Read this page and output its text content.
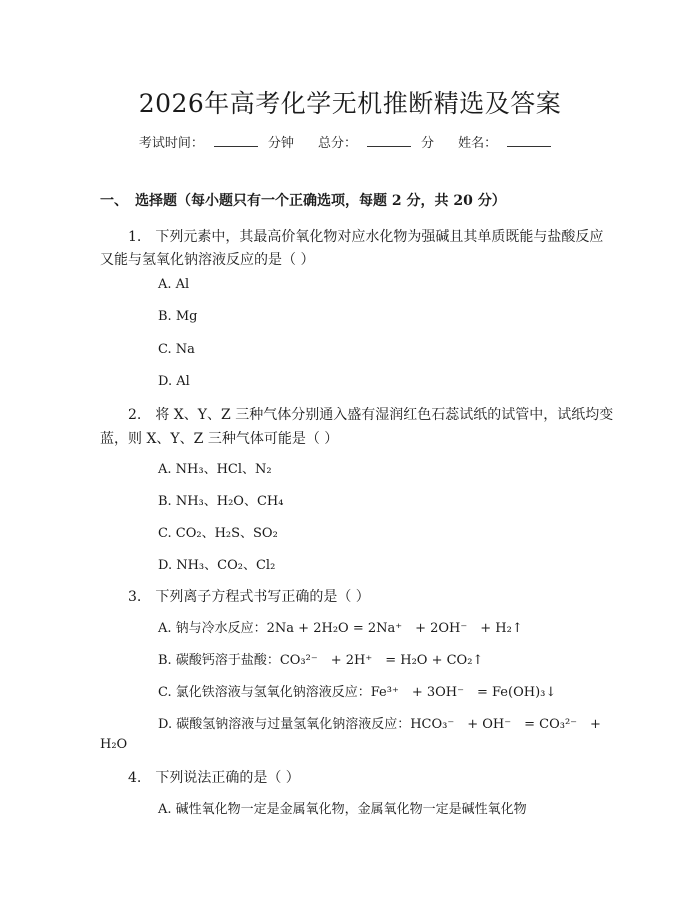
2026年高考化学无机推断精选及答案
考试时间：	分钟 总分：	分 姓名：
一、　选择题（每小题只有一个正确选项，每题 2 分，共 20 分）
1.　下列元素中，其最高价氧化物对应水化物为强碱且其单质既能与盐酸反应
又能与氢氧化钠溶液反应的是（ ）
A. Al
B. Mg
C. Na
D. Al
2.　将 X、Y、Z 三种气体分别通入盛有湿润红色石蕊试纸的试管中，试纸均变
蓝，则 X、Y、Z 三种气体可能是（ ）
A. NH₃、HCl、N₂
B. NH₃、H₂O、CH₄
C. CO₂、H₂S、SO₂
D. NH₃、CO₂、Cl₂
3.　下列离子方程式书写正确的是（ ）
A. 钠与冷水反应：2Na + 2H₂O = 2Na⁺　+ 2OH⁻　+ H₂↑
B. 碳酸钙溶于盐酸：CO₃²⁻　+ 2H⁺　= H₂O + CO₂↑
C. 氯化铁溶液与氢氧化钠溶液反应：Fe³⁺　+ 3OH⁻　= Fe(OH)₃↓
D. 碳酸氢钠溶液与过量氢氧化钠溶液反应：HCO₃⁻　+ OH⁻　= CO₃²⁻　+
H₂O
4.　下列说法正确的是（ ）
A. 碱性氧化物一定是金属氧化物，金属氧化物一定是碱性氧化物
